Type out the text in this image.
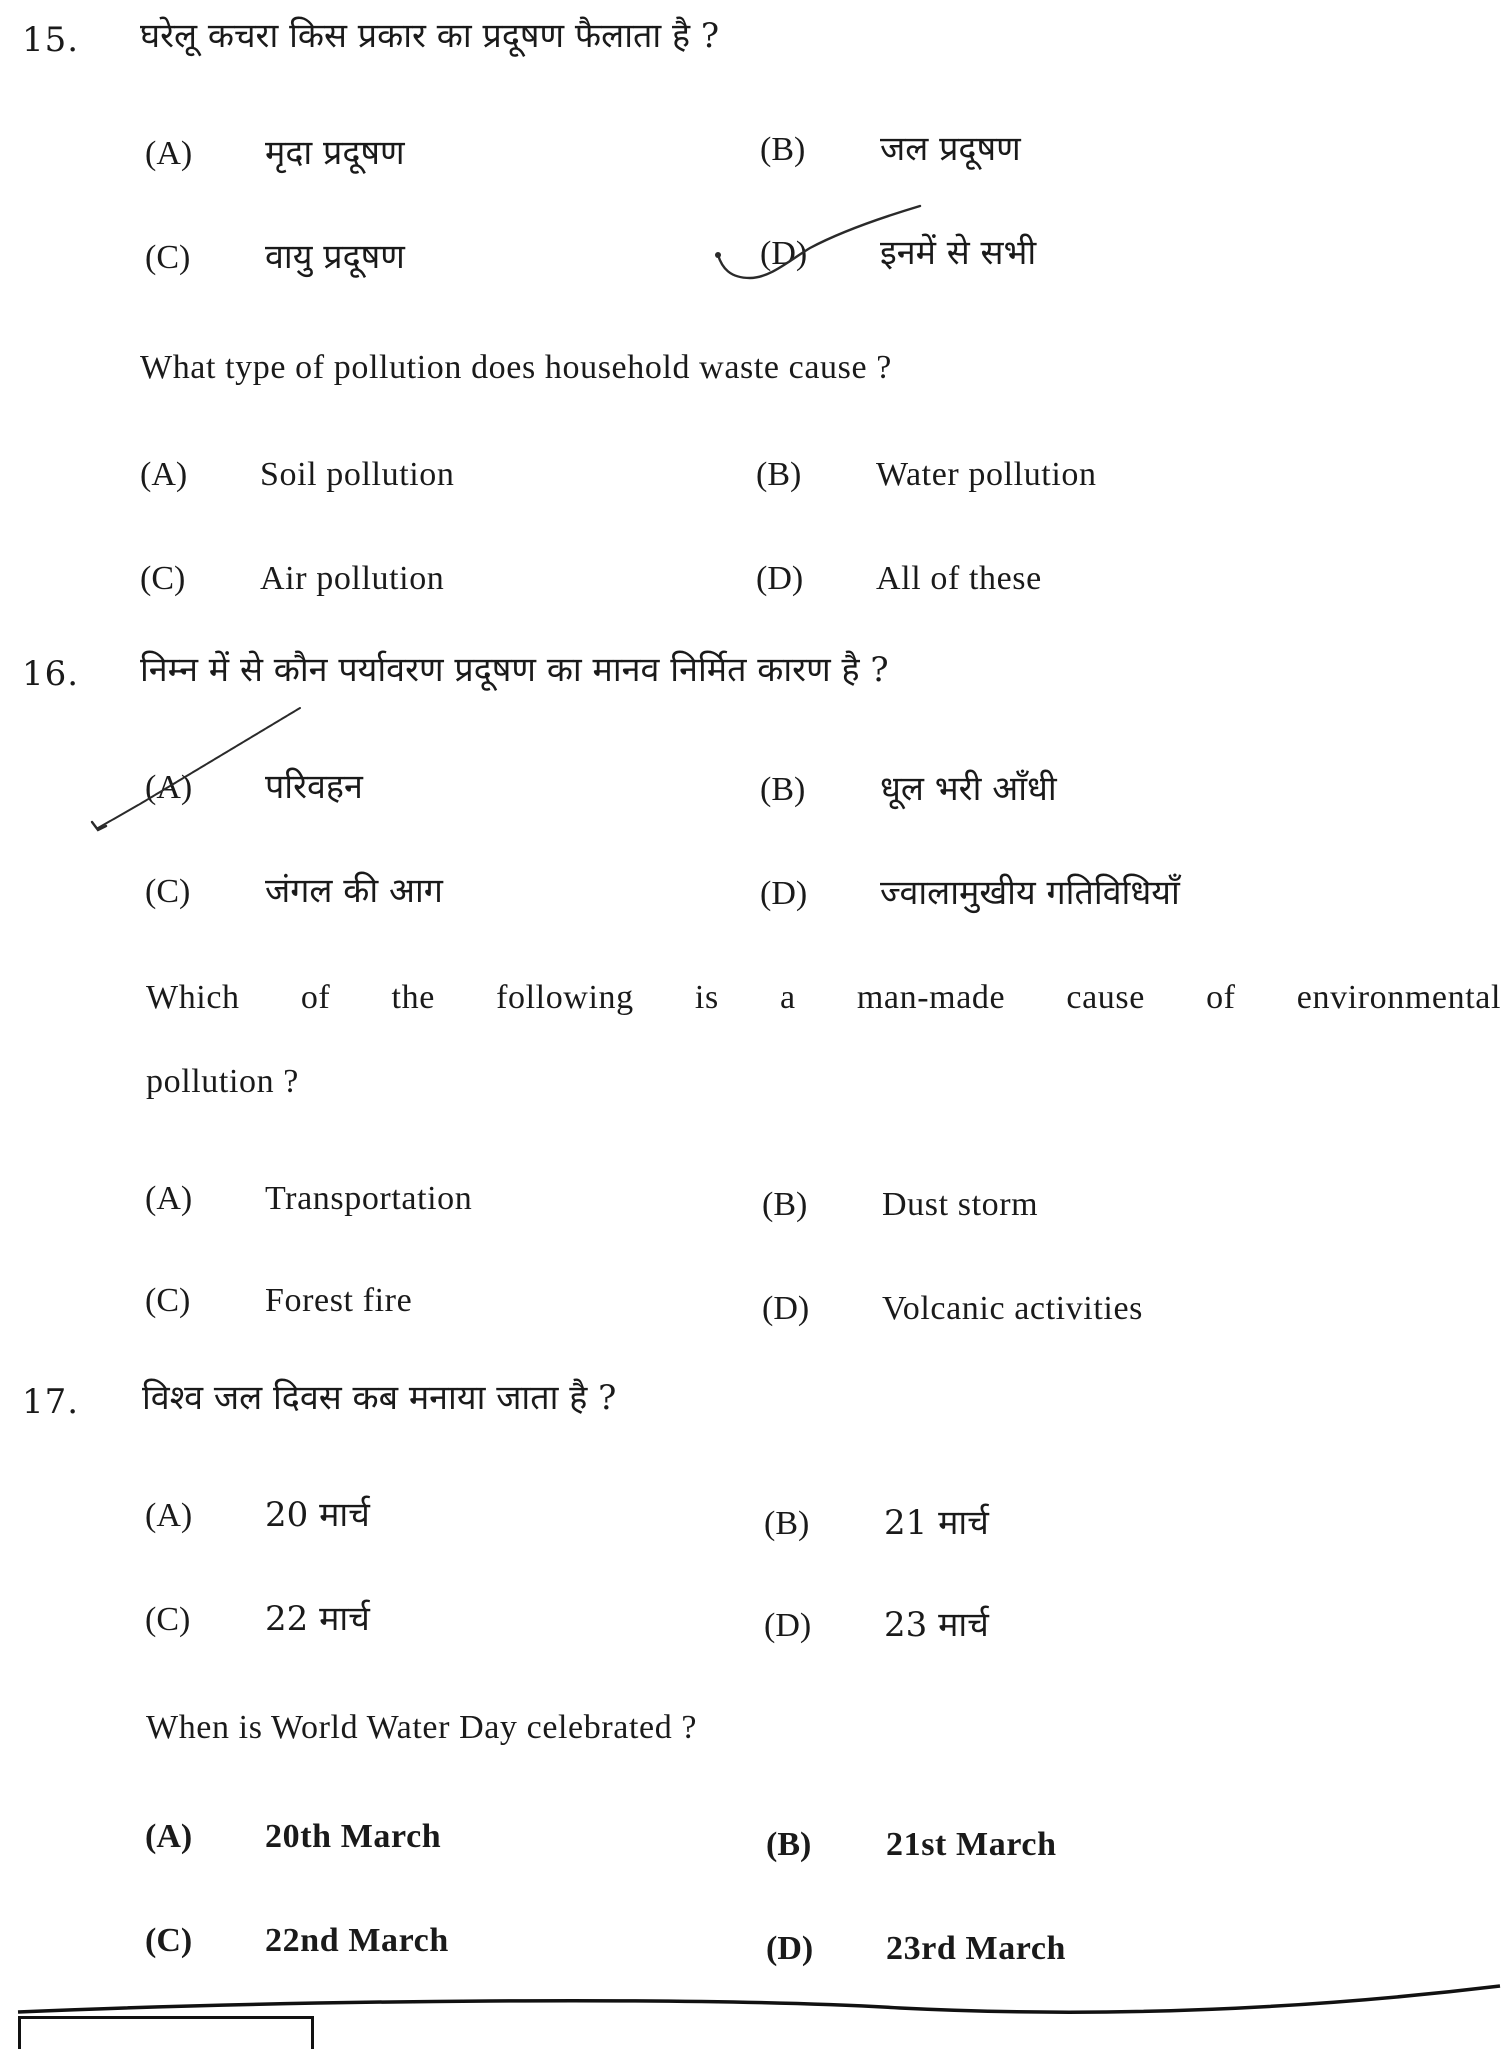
15. घरेलू कचरा किस प्रकार का प्रदूषण फैलाता है ?
(A)	मृदा प्रदूषण	(B)	जल प्रदूषण
(C)	वायु प्रदूषण	(D)	इनमें से सभी
What type of pollution does household waste cause ?
(A)	Soil pollution	(B)	Water pollution
(C)	Air pollution	(D)	All of these
16. निम्न में से कौन पर्यावरण प्रदूषण का मानव निर्मित कारण है ?
(A)	परिवहन	(B)	धूल भरी आँधी
(C)	जंगल की आग	(D)	ज्वालामुखीय गतिविधियाँ
Which of the following is a man-made cause of environmental
pollution ?
(A)	Transportation	(B)	Dust storm
(C)	Forest fire	(D)	Volcanic activities
17. विश्व जल दिवस कब मनाया जाता है ?
(A)	20 मार्च	(B)	21 मार्च
(C)	22 मार्च	(D)	23 मार्च
When is World Water Day celebrated ?
(A)	20th March	(B)	21st March
(C)	22nd March	(D)	23rd March
